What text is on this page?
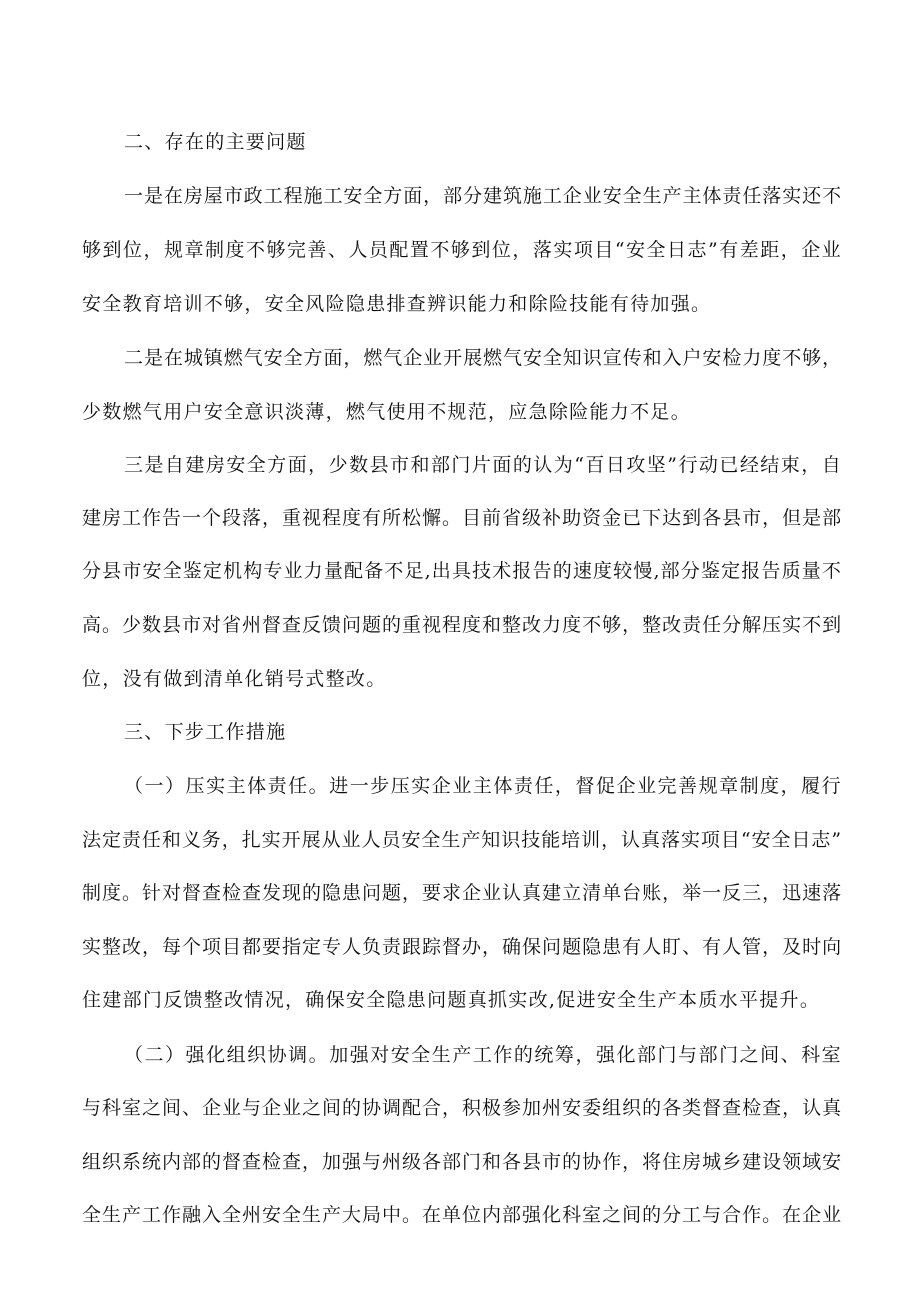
二、存在的主要问题
一是在房屋市政工程施工安全方面，部分建筑施工企业安全生产主体责任落实还不
够到位，规章制度不够完善、人员配置不够到位，落实项目“安全日志”有差距，企业
安全教育培训不够，安全风险隐患排查辨识能力和除险技能有待加强。
二是在城镇燃气安全方面，燃气企业开展燃气安全知识宣传和入户安检力度不够，
少数燃气用户安全意识淡薄，燃气使用不规范，应急除险能力不足。
三是自建房安全方面，少数县市和部门片面的认为“百日攻坚”行动已经结束，自
建房工作告一个段落，重视程度有所松懈。目前省级补助资金已下达到各县市，但是部
分县市安全鉴定机构专业力量配备不足,出具技术报告的速度较慢,部分鉴定报告质量不
高。少数县市对省州督查反馈问题的重视程度和整改力度不够，整改责任分解压实不到
位，没有做到清单化销号式整改。
三、下步工作措施
（一）压实主体责任。进一步压实企业主体责任，督促企业完善规章制度，履行
法定责任和义务，扎实开展从业人员安全生产知识技能培训，认真落实项目“安全日志”
制度。针对督查检查发现的隐患问题，要求企业认真建立清单台账，举一反三，迅速落
实整改，每个项目都要指定专人负责跟踪督办，确保问题隐患有人盯、有人管，及时向
住建部门反馈整改情况，确保安全隐患问题真抓实改,促进安全生产本质水平提升。
（二）强化组织协调。加强对安全生产工作的统筹，强化部门与部门之间、科室
与科室之间、企业与企业之间的协调配合，积极参加州安委组织的各类督查检查，认真
组织系统内部的督查检查，加强与州级各部门和各县市的协作，将住房城乡建设领域安
全生产工作融入全州安全生产大局中。在单位内部强化科室之间的分工与合作。在企业
